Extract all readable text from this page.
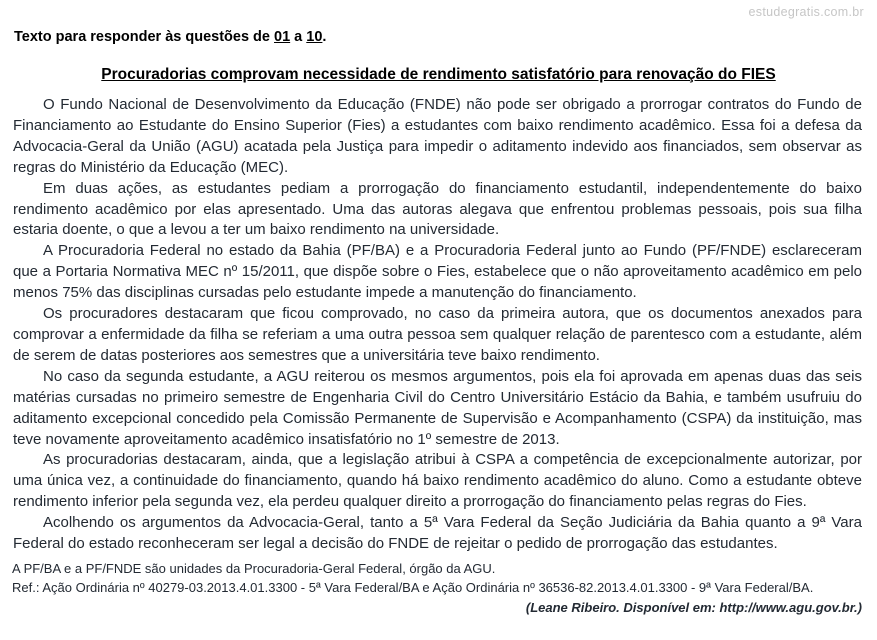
estudegratis.com.br
Texto para responder às questões de 01 a 10.
Procuradorias comprovam necessidade de rendimento satisfatório para renovação do FIES

O Fundo Nacional de Desenvolvimento da Educação (FNDE) não pode ser obrigado a prorrogar contratos do Fundo de Financiamento ao Estudante do Ensino Superior (Fies) a estudantes com baixo rendimento acadêmico. Essa foi a defesa da Advocacia-Geral da União (AGU) acatada pela Justiça para impedir o aditamento indevido aos financiados, sem observar as regras do Ministério da Educação (MEC).

Em duas ações, as estudantes pediam a prorrogação do financiamento estudantil, independentemente do baixo rendimento acadêmico por elas apresentado. Uma das autoras alegava que enfrentou problemas pessoais, pois sua filha estaria doente, o que a levou a ter um baixo rendimento na universidade.

A Procuradoria Federal no estado da Bahia (PF/BA) e a Procuradoria Federal junto ao Fundo (PF/FNDE) esclareceram que a Portaria Normativa MEC nº 15/2011, que dispõe sobre o Fies, estabelece que o não aproveitamento acadêmico em pelo menos 75% das disciplinas cursadas pelo estudante impede a manutenção do financiamento.

Os procuradores destacaram que ficou comprovado, no caso da primeira autora, que os documentos anexados para comprovar a enfermidade da filha se referiam a uma outra pessoa sem qualquer relação de parentesco com a estudante, além de serem de datas posteriores aos semestres que a universitária teve baixo rendimento.

No caso da segunda estudante, a AGU reiterou os mesmos argumentos, pois ela foi aprovada em apenas duas das seis matérias cursadas no primeiro semestre de Engenharia Civil do Centro Universitário Estácio da Bahia, e também usufruiu do aditamento excepcional concedido pela Comissão Permanente de Supervisão e Acompanhamento (CSPA) da instituição, mas teve novamente aproveitamento acadêmico insatisfatório no 1º semestre de 2013.

As procuradorias destacaram, ainda, que a legislação atribui à CSPA a competência de excepcionalmente autorizar, por uma única vez, a continuidade do financiamento, quando há baixo rendimento acadêmico do aluno. Como a estudante obteve rendimento inferior pela segunda vez, ela perdeu qualquer direito a prorrogação do financiamento pelas regras do Fies.

Acolhendo os argumentos da Advocacia-Geral, tanto a 5ª Vara Federal da Seção Judiciária da Bahia quanto a 9ª Vara Federal do estado reconheceram ser legal a decisão do FNDE de rejeitar o pedido de prorrogação das estudantes.

A PF/BA e a PF/FNDE são unidades da Procuradoria-Geral Federal, órgão da AGU.
Ref.: Ação Ordinária nº 40279-03.2013.4.01.3300 - 5ª Vara Federal/BA e Ação Ordinária nº 36536-82.2013.4.01.3300 - 9ª Vara Federal/BA.
(Leane Ribeiro. Disponível em: http://www.agu.gov.br.)
